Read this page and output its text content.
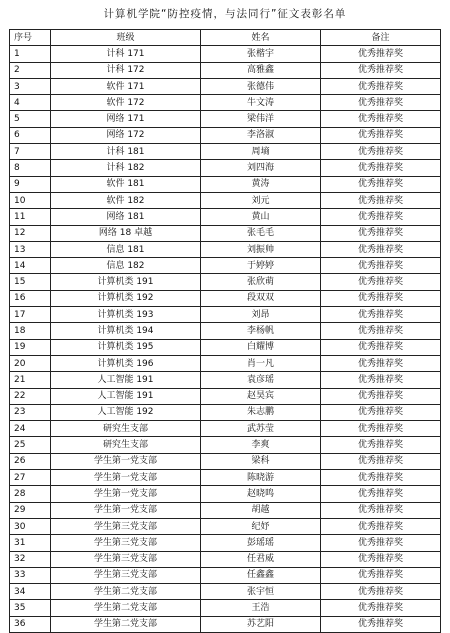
计算机学院“防控疫情，与法同行”征文表彰名单
序号	班级	姓名	备注
1	计科 171	张楷宇	优秀推荐奖
2	计科 172	高雅鑫	优秀推荐奖
3	软件 171	张德伟	优秀推荐奖
4	软件 172	牛文涛	优秀推荐奖
5	网络 171	梁伟洋	优秀推荐奖
6	网络 172	李洛淑	优秀推荐奖
7	计科 181	周墒	优秀推荐奖
8	计科 182	刘四海	优秀推荐奖
9	软件 181	黄涛	优秀推荐奖
10	软件 182	刘元	优秀推荐奖
11	网络 181	黄山	优秀推荐奖
12	网络 18 卓越	张毛毛	优秀推荐奖
13	信息 181	刘振帅	优秀推荐奖
14	信息 182	于婷婷	优秀推荐奖
15	计算机类 191	张欣萌	优秀推荐奖
16	计算机类 192	段双双	优秀推荐奖
17	计算机类 193	刘昂	优秀推荐奖
18	计算机类 194	李杨帆	优秀推荐奖
19	计算机类 195	白耀博	优秀推荐奖
20	计算机类 196	肖一凡	优秀推荐奖
21	人工智能 191	袁彦瑶	优秀推荐奖
22	人工智能 191	赵昊宾	优秀推荐奖
23	人工智能 192	朱志鹏	优秀推荐奖
24	研究生支部	武苏莹	优秀推荐奖
25	研究生支部	李爽	优秀推荐奖
26	学生第一党支部	梁科	优秀推荐奖
27	学生第一党支部	陈晓游	优秀推荐奖
28	学生第一党支部	赵晓鸣	优秀推荐奖
29	学生第一党支部	胡越	优秀推荐奖
30	学生第三党支部	纪妤	优秀推荐奖
31	学生第三党支部	彭瑶瑶	优秀推荐奖
32	学生第三党支部	任君威	优秀推荐奖
33	学生第三党支部	任鑫鑫	优秀推荐奖
34	学生第二党支部	张宇恒	优秀推荐奖
35	学生第二党支部	王浩	优秀推荐奖
36	学生第二党支部	苏艺阳	优秀推荐奖
